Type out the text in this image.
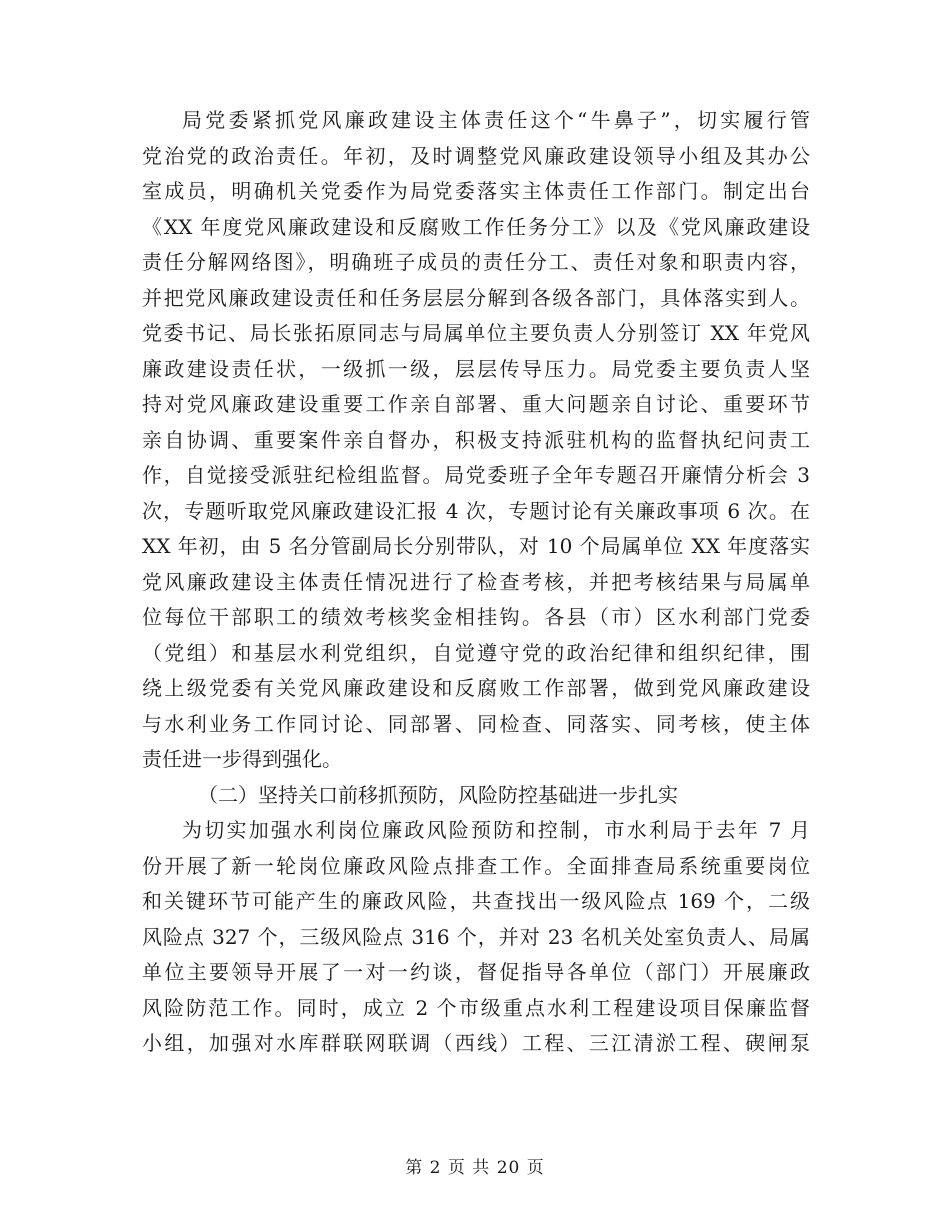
局党委紧抓党风廉政建设主体责任这个“牛鼻子”，切实履行管
党治党的政治责任。年初，及时调整党风廉政建设领导小组及其办公
室成员，明确机关党委作为局党委落实主体责任工作部门。制定出台
《XX 年度党风廉政建设和反腐败工作任务分工》以及《党风廉政建设
责任分解网络图》，明确班子成员的责任分工、责任对象和职责内容，
并把党风廉政建设责任和任务层层分解到各级各部门，具体落实到人。
党委书记、局长张拓原同志与局属单位主要负责人分别签订 XX 年党风
廉政建设责任状，一级抓一级，层层传导压力。局党委主要负责人坚
持对党风廉政建设重要工作亲自部署、重大问题亲自讨论、重要环节
亲自协调、重要案件亲自督办，积极支持派驻机构的监督执纪问责工
作，自觉接受派驻纪检组监督。局党委班子全年专题召开廉情分析会 3
次，专题听取党风廉政建设汇报 4 次，专题讨论有关廉政事项 6 次。在
XX 年初，由 5 名分管副局长分别带队，对 10 个局属单位 XX 年度落实
党风廉政建设主体责任情况进行了检查考核，并把考核结果与局属单
位每位干部职工的绩效考核奖金相挂钩。各县（市）区水利部门党委
（党组）和基层水利党组织，自觉遵守党的政治纪律和组织纪律，围
绕上级党委有关党风廉政建设和反腐败工作部署，做到党风廉政建设
与水利业务工作同讨论、同部署、同检查、同落实、同考核，使主体
责任进一步得到强化。
（二）坚持关口前移抓预防，风险防控基础进一步扎实
为切实加强水利岗位廉政风险预防和控制，市水利局于去年 7 月
份开展了新一轮岗位廉政风险点排查工作。全面排查局系统重要岗位
和关键环节可能产生的廉政风险，共查找出一级风险点 169 个，二级
风险点 327 个，三级风险点 316 个，并对 23 名机关处室负责人、局属
单位主要领导开展了一对一约谈，督促指导各单位（部门）开展廉政
风险防范工作。同时，成立 2 个市级重点水利工程建设项目保廉监督
小组，加强对水库群联网联调（西线）工程、三江清淤工程、碶闸泵
第 2 页 共 20 页
